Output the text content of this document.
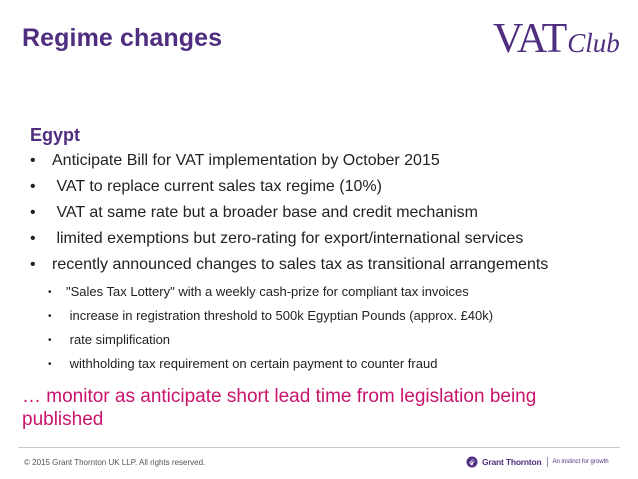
Regime changes	VATClub
Egypt
• Anticipate Bill for VAT implementation by October 2015
• VAT to replace current sales tax regime (10%)
• VAT at same rate but a broader base and credit mechanism
• limited exemptions but zero-rating for export/international services
• recently announced changes to sales tax as transitional arrangements
• "Sales Tax Lottery" with a weekly cash-prize for compliant tax invoices
• increase in registration threshold to 500k Egyptian Pounds (approx. £40k)
• rate simplification
• withholding tax requirement on certain payment to counter fraud
… monitor as anticipate short lead time from legislation being
published
© 2015 Grant Thornton UK LLP. All rights reserved.	Grant Thornton An instinct for growth
